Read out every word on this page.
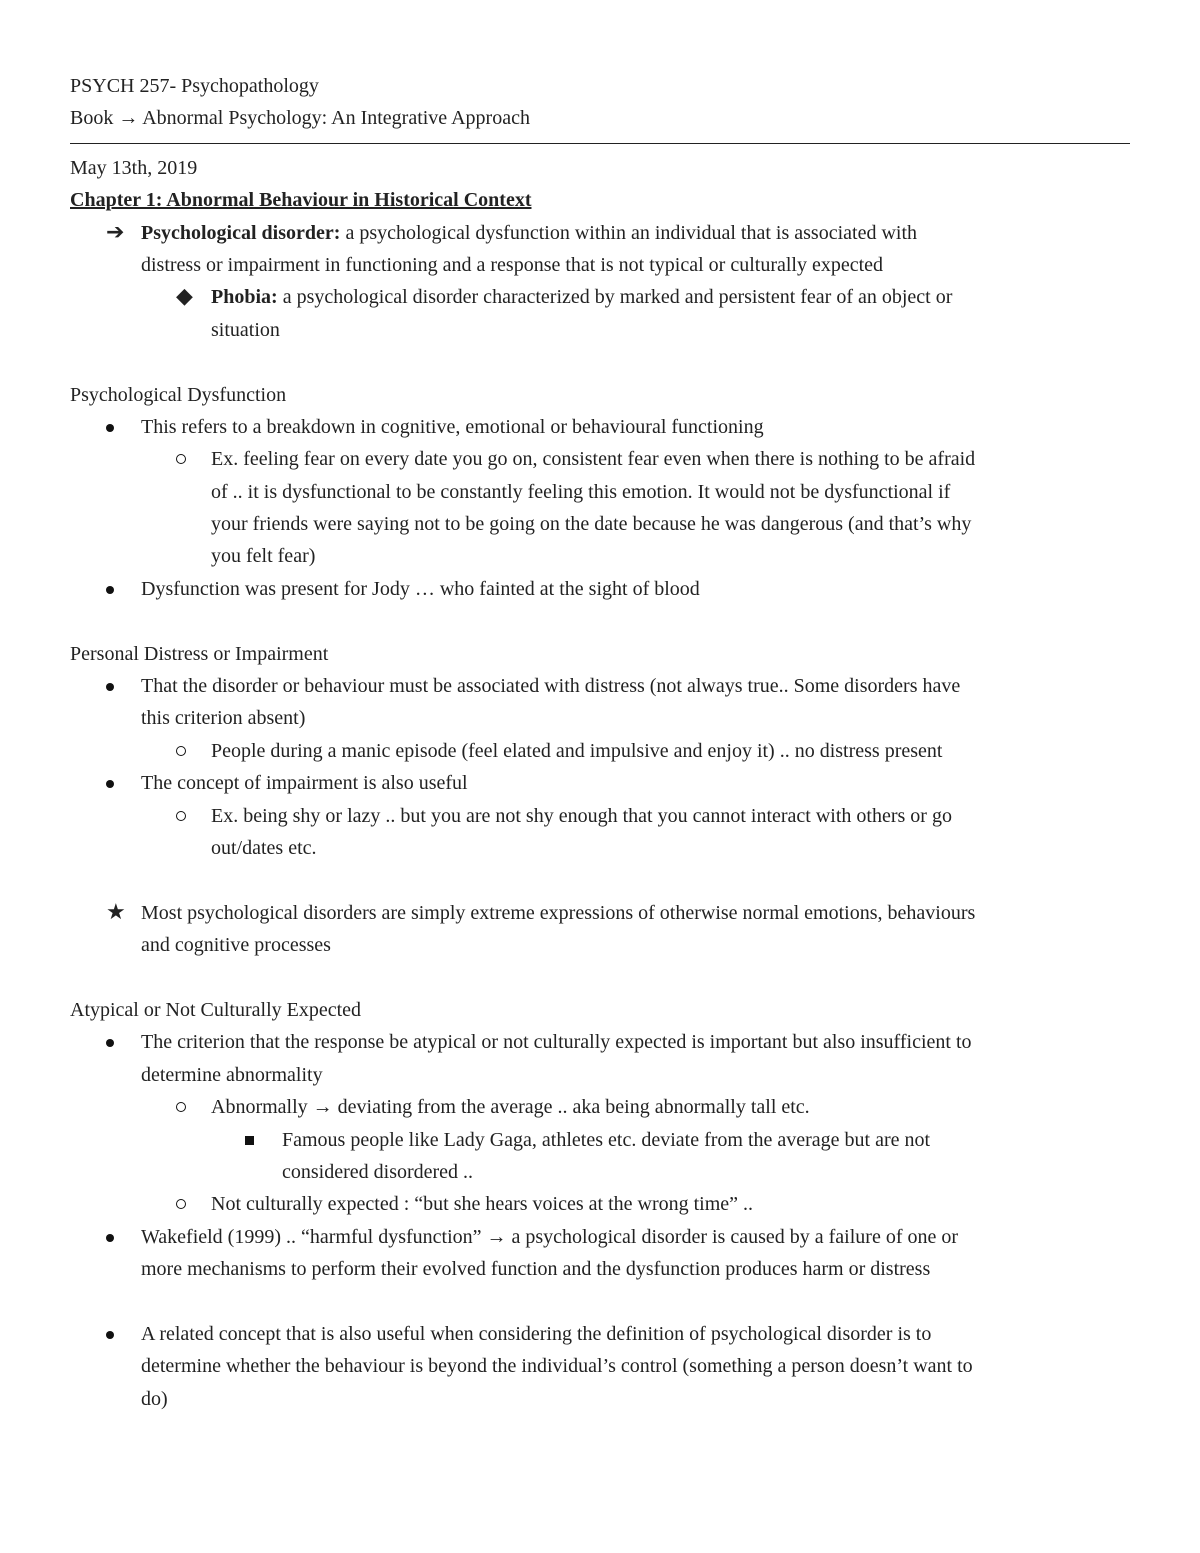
PSYCH 257- Psychopathology
Book → Abnormal Psychology: An Integrative Approach
May 13th, 2019
Chapter 1: Abnormal Behaviour in Historical Context
➔ Psychological disorder: a psychological dysfunction within an individual that is associated with
distress or impairment in functioning and a response that is not typical or culturally expected
◆ Phobia: a psychological disorder characterized by marked and persistent fear of an object or
situation
Psychological Dysfunction
This refers to a breakdown in cognitive, emotional or behavioural functioning
Ex. feeling fear on every date you go on, consistent fear even when there is nothing to be afraid
of .. it is dysfunctional to be constantly feeling this emotion. It would not be dysfunctional if
your friends were saying not to be going on the date because he was dangerous (and that’s why
you felt fear)
Dysfunction was present for Jody … who fainted at the sight of blood
Personal Distress or Impairment
That the disorder or behaviour must be associated with distress (not always true.. Some disorders have
this criterion absent)
People during a manic episode (feel elated and impulsive and enjoy it) .. no distress present
The concept of impairment is also useful
Ex. being shy or lazy .. but you are not shy enough that you cannot interact with others or go
out/dates etc.
★ Most psychological disorders are simply extreme expressions of otherwise normal emotions, behaviours
and cognitive processes
Atypical or Not Culturally Expected
The criterion that the response be atypical or not culturally expected is important but also insufficient to
determine abnormality
Abnormally → deviating from the average .. aka being abnormally tall etc.
Famous people like Lady Gaga, athletes etc. deviate from the average but are not
considered disordered ..
Not culturally expected : “but she hears voices at the wrong time” ..
Wakefield (1999) .. “harmful dysfunction” → a psychological disorder is caused by a failure of one or
more mechanisms to perform their evolved function and the dysfunction produces harm or distress
A related concept that is also useful when considering the definition of psychological disorder is to
determine whether the behaviour is beyond the individual’s control (something a person doesn’t want to
do)
